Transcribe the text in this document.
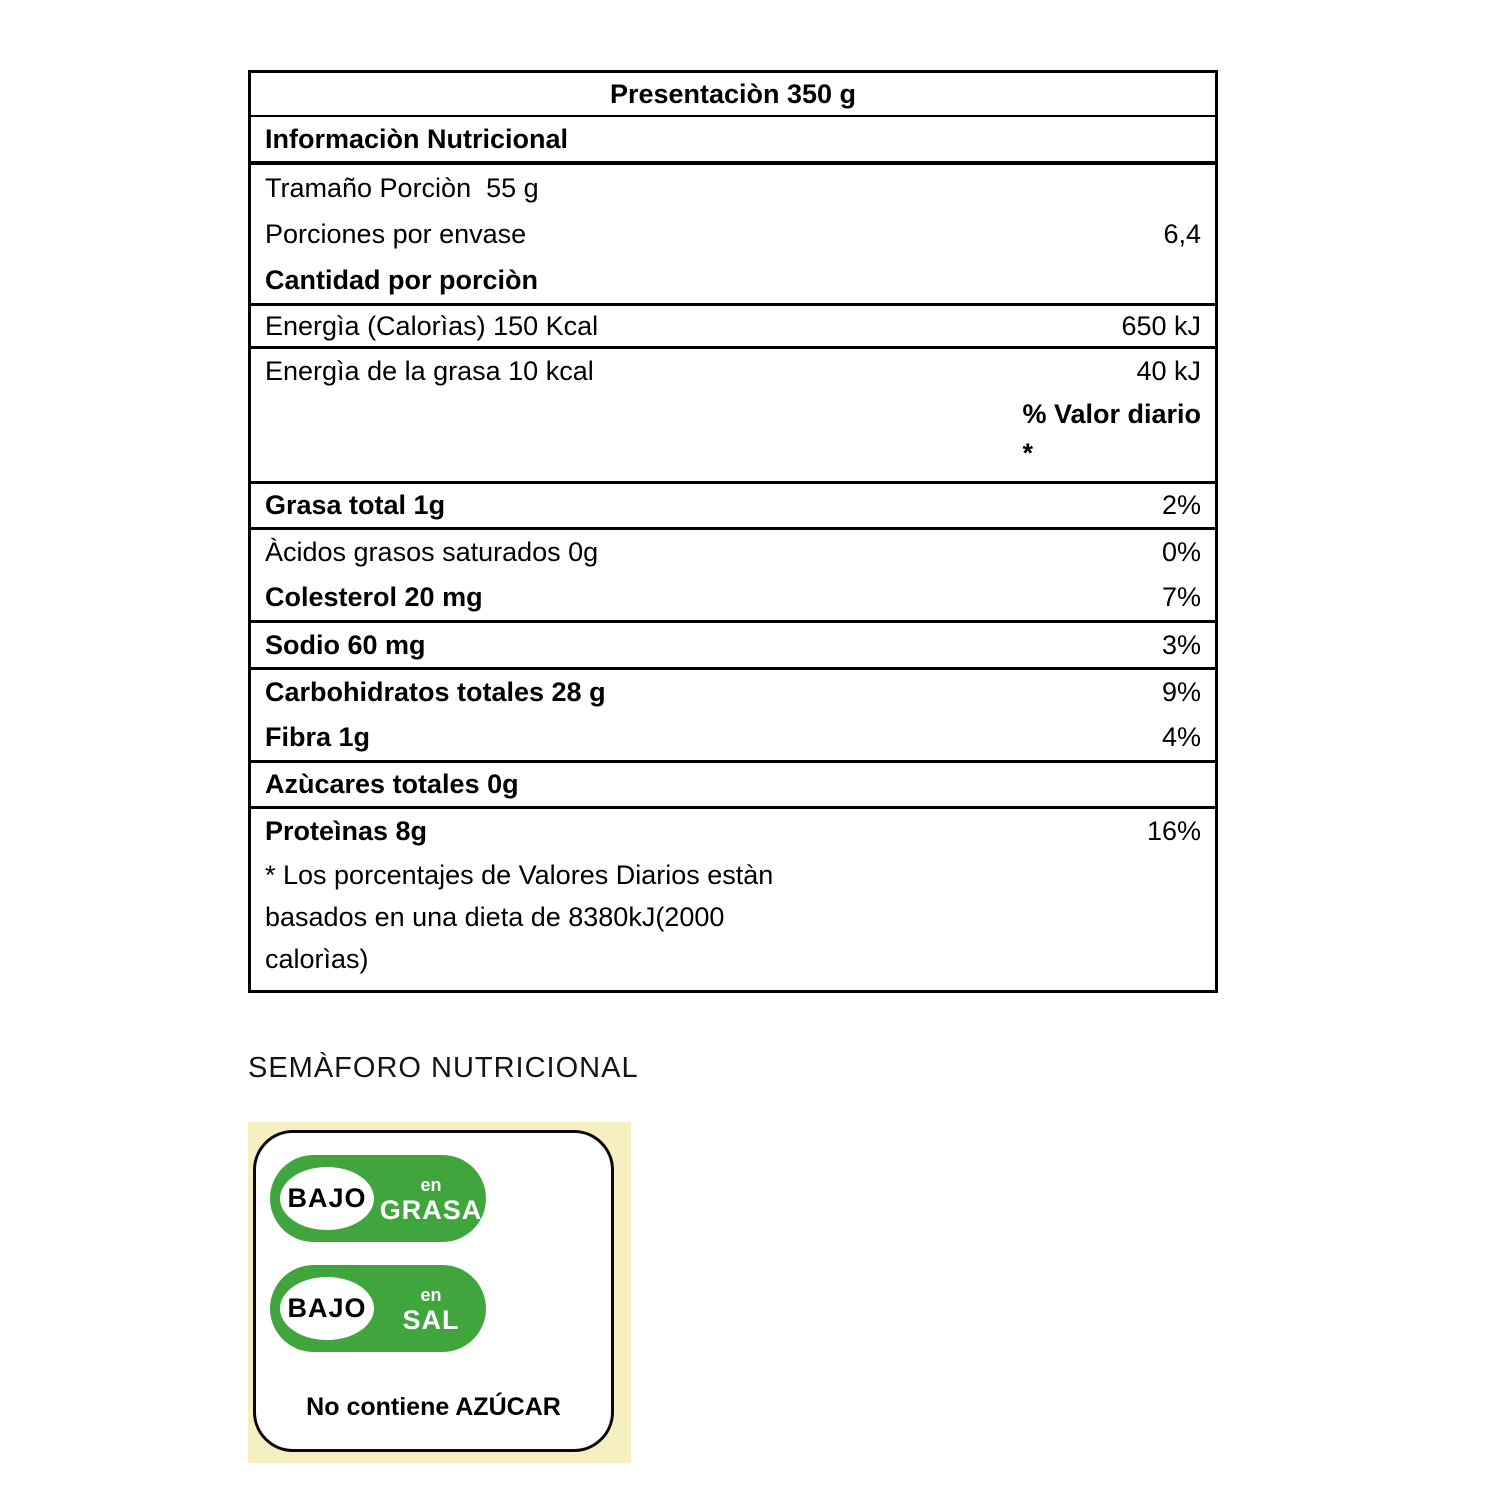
Presentaciòn 350 g
Informaciòn Nutricional
Tramaño Porciòn  55 g
Porciones por envase	6,4
Cantidad por porciòn
Energìa (Calorìas) 150 Kcal	650 kJ
Energìa de la grasa 10 kcal	40 kJ
% Valor diario
*
Grasa total 1g	2%
Àcidos grasos saturados 0g	0%
Colesterol 20 mg	7%
Sodio 60 mg	3%
Carbohidratos totales 28 g	9%
Fibra 1g	4%
Azùcares totales 0g
Proteìnas 8g	16%
* Los porcentajes de Valores Diarios estàn
basados en una dieta de 8380kJ(2000
calorìas)
SEMÀFORO NUTRICIONAL
BAJO	en
GRASA
BAJO	en
SAL
No contiene AZÚCAR
